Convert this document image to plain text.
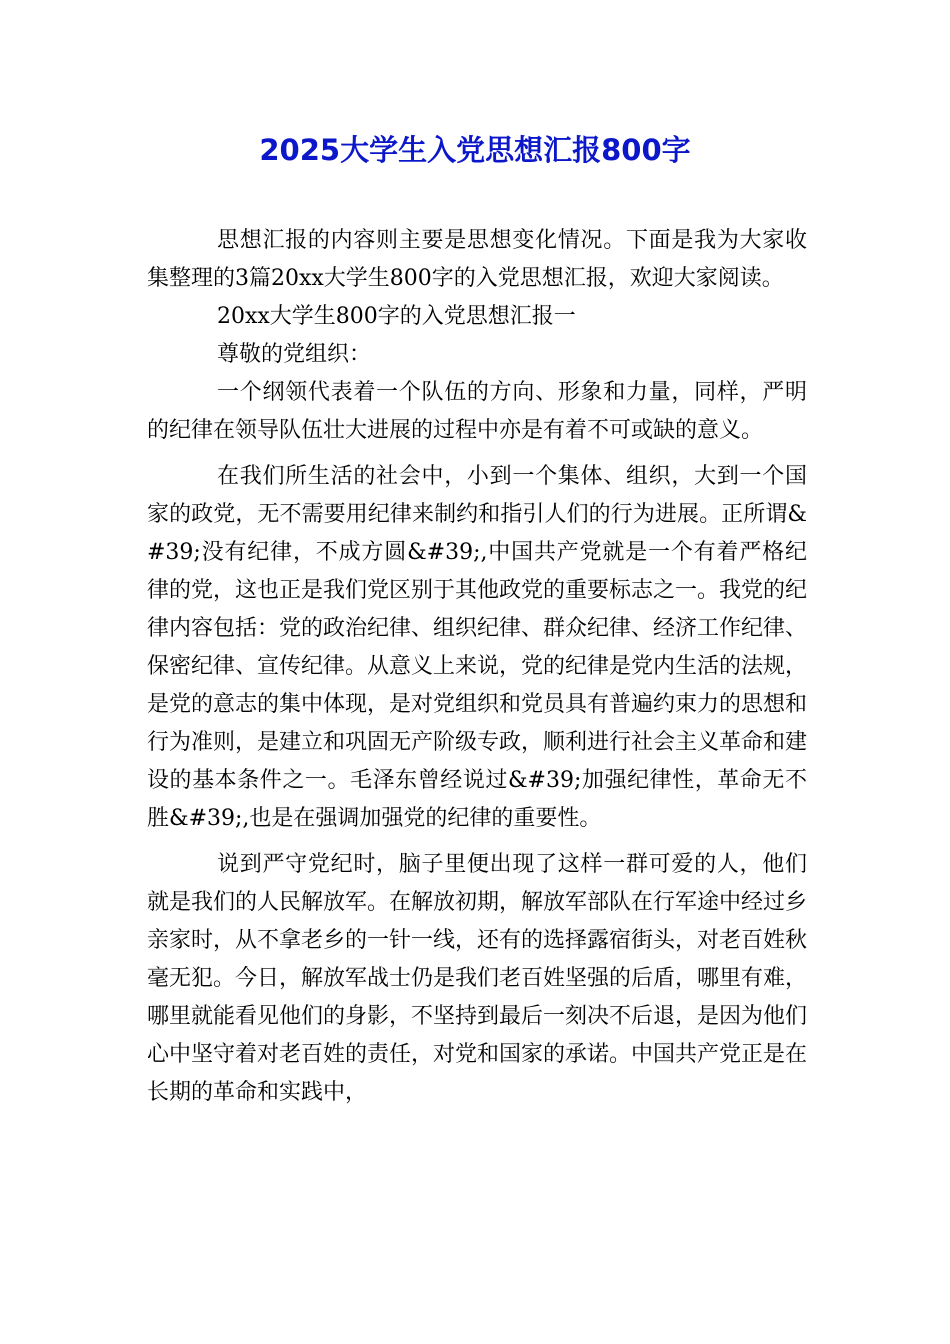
2025大学生入党思想汇报800字

思想汇报的内容则主要是思想变化情况。下面是我为大家收集整理的3篇20xx大学生800字的入党思想汇报，欢迎大家阅读。

20xx大学生800字的入党思想汇报一

尊敬的党组织：

一个纲领代表着一个队伍的方向、形象和力量，同样，严明的纪律在领导队伍壮大进展的过程中亦是有着不可或缺的意义。

在我们所生活的社会中，小到一个集体、组织，大到一个国家的政党，无不需要用纪律来制约和指引人们的行为进展。正所谓&#39;没有纪律，不成方圆&#39;,中国共产党就是一个有着严格纪律的党，这也正是我们党区别于其他政党的重要标志之一。我党的纪律内容包括：党的政治纪律、组织纪律、群众纪律、经济工作纪律、保密纪律、宣传纪律。从意义上来说，党的纪律是党内生活的法规，是党的意志的集中体现，是对党组织和党员具有普遍约束力的思想和行为准则，是建立和巩固无产阶级专政，顺利进行社会主义革命和建设的基本条件之一。毛泽东曾经说过&#39;加强纪律性，革命无不胜&#39;,也是在强调加强党的纪律的重要性。

说到严守党纪时，脑子里便出现了这样一群可爱的人，他们就是我们的人民解放军。在解放初期，解放军部队在行军途中经过乡亲家时，从不拿老乡的一针一线，还有的选择露宿街头，对老百姓秋毫无犯。今日，解放军战士仍是我们老百姓坚强的后盾，哪里有难，哪里就能看见他们的身影，不坚持到最后一刻决不后退，是因为他们心中坚守着对老百姓的责任，对党和国家的承诺。中国共产党正是在长期的革命和实践中，
